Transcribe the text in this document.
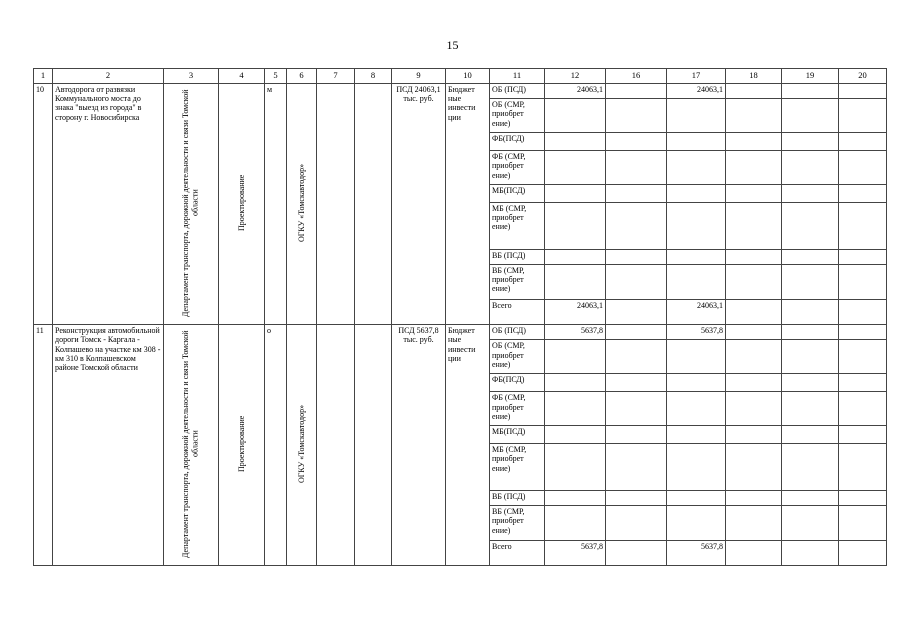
15
1	2	3	4	5	6	7	8	9	10	11	12	16	17	18	19	20
10	Автодорога от развязки Коммунального моста до знака "выезд из города" в сторону г. Новосибирска	Департамент транспорта, дорожной деятельности и связи Томской области	Проектирование	м	ОГКУ «Томскавтодор»			ПСД 24063,1 тыс. руб.	Бюджет ные инвести ции	ОБ (ПСД)	24063,1		24063,1			
										ОБ (СМР, приобрет ение)						
										ФБ(ПСД)						
										ФБ (СМР, приобрет ение)						
										МБ(ПСД)						
										МБ (СМР, приобрет ение)						
										ВБ (ПСД)						
										ВБ (СМР, приобрет ение)						
										Всего	24063,1		24063,1			
11	Реконструкция автомобильной дороги Томск - Каргала - Колпашево на участке км 308 - км 310 в Колпашевском районе Томской области	Департамент транспорта, дорожной деятельности и связи Томской области	Проектирование	о	ОГКУ «Томскавтодор»			ПСД 5637,8 тыс. руб.	Бюджет ные инвести ции	ОБ (ПСД)	5637,8		5637,8			
										ОБ (СМР, приобрет ение)						
										ФБ(ПСД)						
										ФБ (СМР, приобрет ение)						
										МБ(ПСД)						
										МБ (СМР, приобрет ение)						
										ВБ (ПСД)						
										ВБ (СМР, приобрет ение)						
										Всего	5637,8		5637,8			
